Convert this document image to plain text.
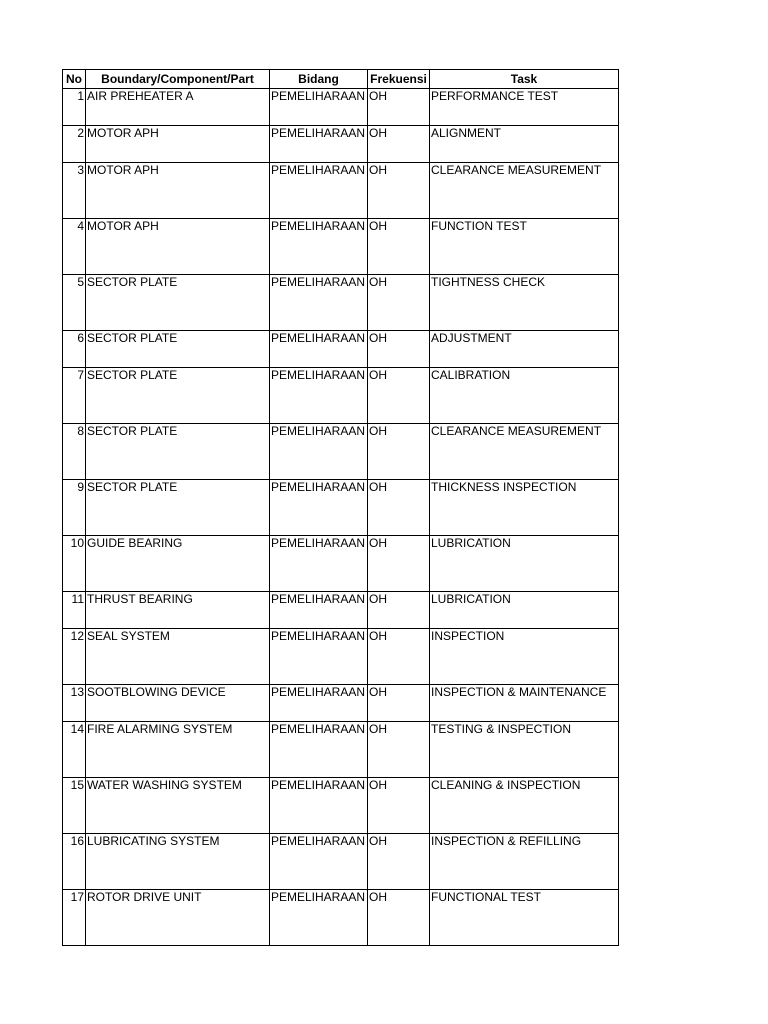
No	Boundary/Component/Part	Bidang	Frekuensi	Task
1	AIR PREHEATER A	PEMELIHARAAN	OH	PERFORMANCE TEST
2	MOTOR APH	PEMELIHARAAN	OH	ALIGNMENT
3	MOTOR APH	PEMELIHARAAN	OH	CLEARANCE MEASUREMENT
4	MOTOR APH	PEMELIHARAAN	OH	FUNCTION TEST
5	SECTOR PLATE	PEMELIHARAAN	OH	TIGHTNESS CHECK
6	SECTOR PLATE	PEMELIHARAAN	OH	ADJUSTMENT
7	SECTOR PLATE	PEMELIHARAAN	OH	CALIBRATION
8	SECTOR PLATE	PEMELIHARAAN	OH	CLEARANCE MEASUREMENT
9	SECTOR PLATE	PEMELIHARAAN	OH	THICKNESS INSPECTION
10	GUIDE BEARING	PEMELIHARAAN	OH	LUBRICATION
11	THRUST BEARING	PEMELIHARAAN	OH	LUBRICATION
12	SEAL SYSTEM	PEMELIHARAAN	OH	INSPECTION
13	SOOTBLOWING DEVICE	PEMELIHARAAN	OH	INSPECTION & MAINTENANCE
14	FIRE ALARMING SYSTEM	PEMELIHARAAN	OH	TESTING & INSPECTION
15	WATER WASHING SYSTEM	PEMELIHARAAN	OH	CLEANING & INSPECTION
16	LUBRICATING SYSTEM	PEMELIHARAAN	OH	INSPECTION & REFILLING
17	ROTOR DRIVE UNIT	PEMELIHARAAN	OH	FUNCTIONAL TEST
